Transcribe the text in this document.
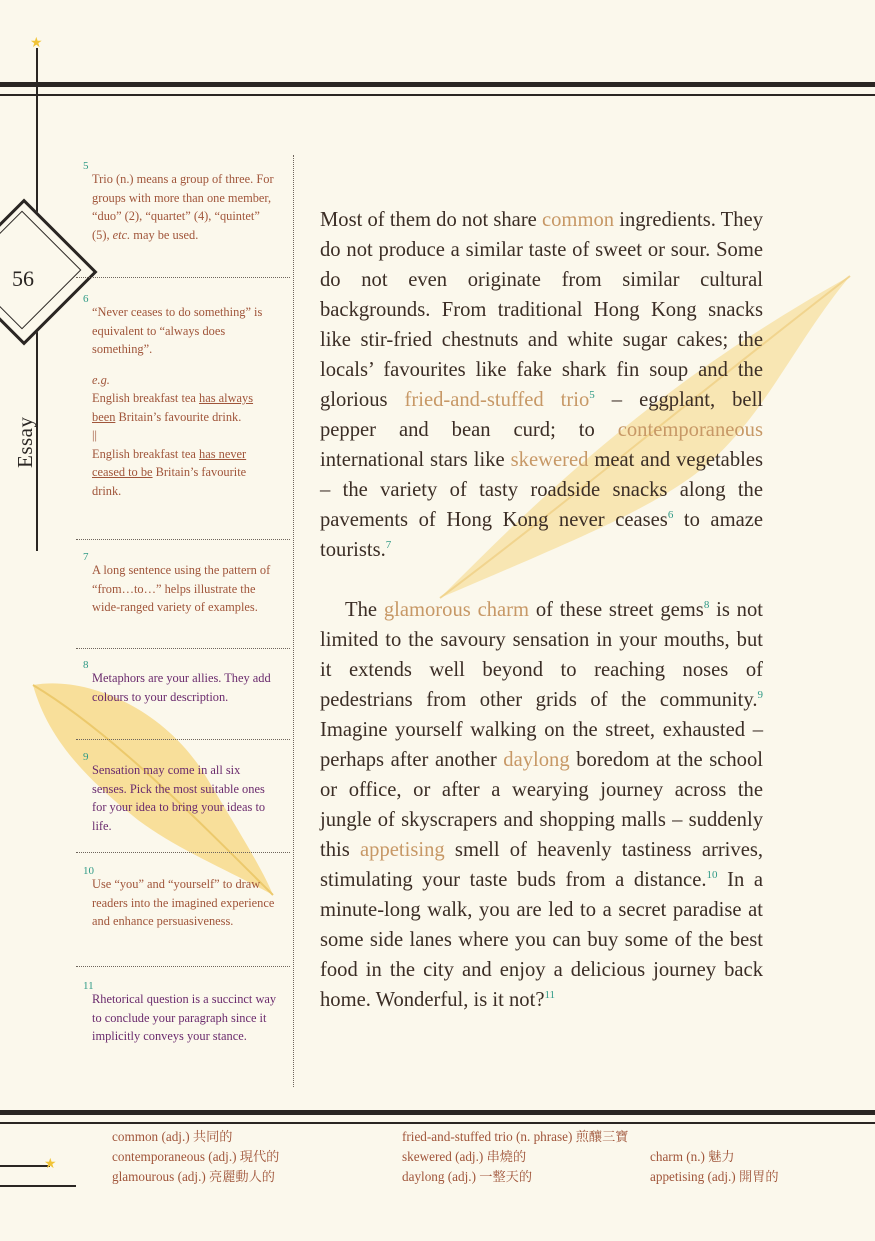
★
★
56
Essay
5
Trio (n.) means a group of three. For groups with more than one member, “duo” (2), “quartet” (4), “quintet” (5), etc. may be used.
6

“Never ceases to do something” is equivalent to “always does something”.

e.g.

English breakfast tea has always been Britain’s favourite drink.

||

English breakfast tea has never ceased to be Britain’s favourite drink.

7
A long sentence using the pattern of “from…to…” helps illustrate the wide-ranged variety of examples.
8
Metaphors are your allies. They add colours to your description.
9
Sensation may come in all six senses. Pick the most suitable ones for your idea to bring your ideas to life.
10
Use “you” and “yourself” to draw readers into the imagined experience and enhance persuasiveness.
11
Rhetorical question is a succinct way to conclude your paragraph since it implicitly conveys your stance.

Most of them do not share common ingredients. They do not produce a similar taste of sweet or sour. Some do not even originate from similar cultural backgrounds. From traditional Hong Kong snacks like stir-fried chestnuts and white sugar cakes; the locals’ favourites like fake shark fin soup and the glorious fried-and-stuffed trio$^5$ – eggplant, bell pepper and bean curd; to contemporaneous international stars like skewered meat and vegetables – the variety of tasty roadside snacks along the pavements of Hong Kong never ceases$^6$ to amaze tourists.$^7$

The glamorous charm of these street gems$^8$ is not limited to the savoury sensation in your mouths, but it extends well beyond to reaching noses of pedestrians from other grids of the community.$^9$ Imagine yourself walking on the street, exhausted – perhaps after another daylong boredom at the school or office, or after a wearying journey across the jungle of skyscrapers and shopping malls – suddenly this appetising smell of heavenly tastiness arrives, stimulating your taste buds from a distance.$^{10}$ In a minute-long walk, you are led to a secret paradise at some side lanes where you can buy some of the best food in the city and enjoy a delicious journey back home. Wonderful, is it not?$^{11}$

common (adj.) 共同的
contemporaneous (adj.) 現代的
glamourous (adj.) 亮麗動人的
fried-and-stuffed trio (n. phrase) 煎釀三寶
skewered (adj.) 串燒的
daylong (adj.) 一整天的
charm (n.) 魅力
appetising (adj.) 開胃的
